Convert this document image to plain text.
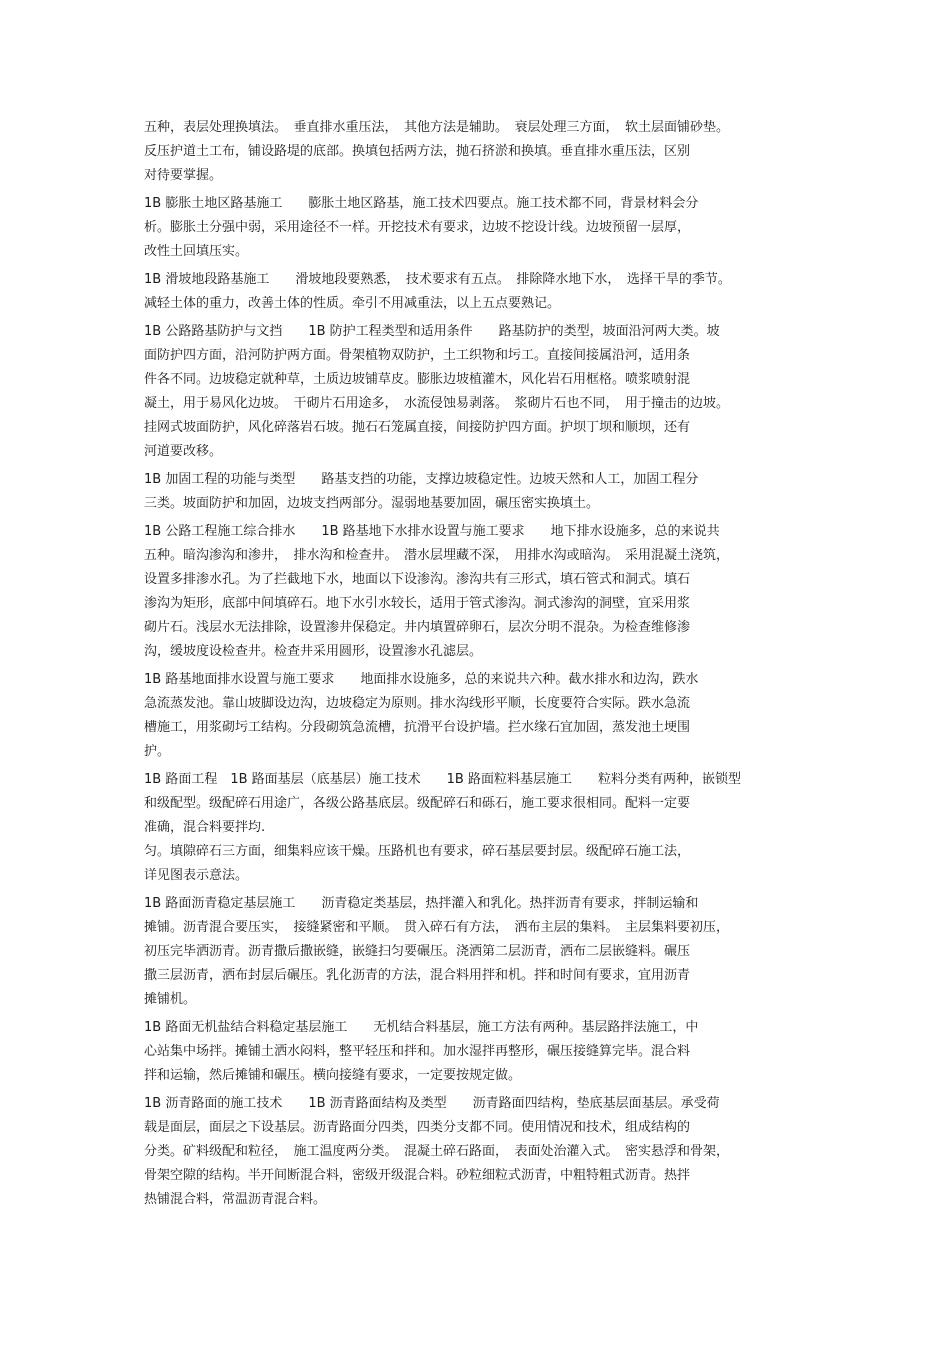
五种，表层处理换填法。　垂直排水重压法，　其他方法是辅助。　衰层处理三方面，　软土层面铺砂垫。
反压护道土工布，铺设路堤的底部。换填包括两方法，抛石挤淤和换填。垂直排水重压法，区别
对待要掌握。
1B 膨胀土地区路基施工　　膨胀土地区路基，施工技术四要点。施工技术都不同，背景材料会分
析。膨胀土分强中弱，采用途径不一样。开挖技术有要求，边坡不挖设计线。边坡预留一层厚，
改性土回填压实。
1B 滑坡地段路基施工　　滑坡地段要熟悉，　技术要求有五点。　排除降水地下水，　选择干旱的季节。
减轻土体的重力，改善土体的性质。牵引不用减重法，以上五点要熟记。
1B 公路路基防护与文挡　　1B 防护工程类型和适用条件　　路基防护的类型，坡面沿河两大类。坡
面防护四方面，沿河防护两方面。骨架植物双防护，土工织物和圬工。直接间接属沿河，适用条
件各不同。边坡稳定就种草，土质边坡铺草皮。膨胀边坡植灌木，风化岩石用框格。喷浆喷射混
凝土，用于易风化边坡。　干砌片石用途多，　水流侵蚀易剥落。　浆砌片石也不同，　用于撞击的边坡。
挂网式坡面防护，风化碎落岩石坡。抛石石笼属直接，间接防护四方面。护坝丁坝和顺坝，还有
河道要改移。
1B 加固工程的功能与类型　　路基支挡的功能，支撑边坡稳定性。边坡天然和人工，加固工程分
三类。坡面防护和加固，边坡支挡两部分。湿弱地基要加固，碾压密实换填土。
1B 公路工程施工综合排水　　1B 路基地下水排水设置与施工要求　　地下排水设施多，总的来说共
五种。暗沟渗沟和渗井，　排水沟和检查井。　潜水层埋藏不深，　用排水沟或暗沟。　采用混凝土浇筑，
设置多排渗水孔。为了拦截地下水，地面以下设渗沟。渗沟共有三形式，填石管式和洞式。填石
渗沟为矩形，底部中间填碎石。地下水引水较长，适用于管式渗沟。洞式渗沟的洞壁，宜采用浆
砌片石。浅层水无法排除，设置渗井保稳定。井内填置碎卵石，层次分明不混杂。为检查维修渗
沟，缓坡度设检查井。检查井采用圆形，设置渗水孔滤层。
1B 路基地面排水设置与施工要求　　地面排水设施多，总的来说共六种。截水排水和边沟，跌水
急流蒸发池。靠山坡脚设边沟，边坡稳定为原则。排水沟线形平顺，长度要符合实际。跌水急流
槽施工，用浆砌圬工结构。分段砌筑急流槽，抗滑平台设护墙。拦水缘石宜加固，蒸发池土埂围
护。
1B 路面工程　1B 路面基层（底基层）施工技术　　1B 路面粒料基层施工　　粒料分类有两种，嵌锁型
和级配型。级配碎石用途广，各级公路基底层。级配碎石和砾石，施工要求很相同。配料一定要
准确，混合料要拌均.
匀。填隙碎石三方面，细集料应该干燥。压路机也有要求，碎石基层要封层。级配碎石施工法，
详见图表示意法。
1B 路面沥青稳定基层施工　　沥青稳定类基层，热拌灌入和乳化。热拌沥青有要求，拌制运输和
摊铺。沥青混合要压实，　接缝紧密和平顺。　贯入碎石有方法，　洒布主层的集料。　主层集料要初压，
初压完毕洒沥青。沥青撒后撒嵌缝，嵌缝扫匀要碾压。浇洒第二层沥青，洒布二层嵌缝料。碾压
撒三层沥青，洒布封层后碾压。乳化沥青的方法，混合料用拌和机。拌和时间有要求，宜用沥青
摊铺机。
1B 路面无机盐结合料稳定基层施工　　无机结合料基层，施工方法有两种。基层路拌法施工，中
心站集中场拌。摊铺土洒水闷料，整平轻压和拌和。加水湿拌再整形，碾压接缝算完毕。混合料
拌和运输，然后摊铺和碾压。横向接缝有要求，一定要按规定做。
1B 沥青路面的施工技术　　1B 沥青路面结构及类型　　沥青路面四结构，垫底基层面基层。承受荷
载是面层，面层之下设基层。沥青路面分四类，四类分支都不同。使用情况和技术，组成结构的
分类。矿料级配和粒径，　施工温度两分类。　混凝土碎石路面，　表面处治灌入式。　密实悬浮和骨架，
骨架空隙的结构。半开间断混合料，密级开级混合料。砂粒细粒式沥青，中粗特粗式沥青。热拌
热铺混合料，常温沥青混合料。
